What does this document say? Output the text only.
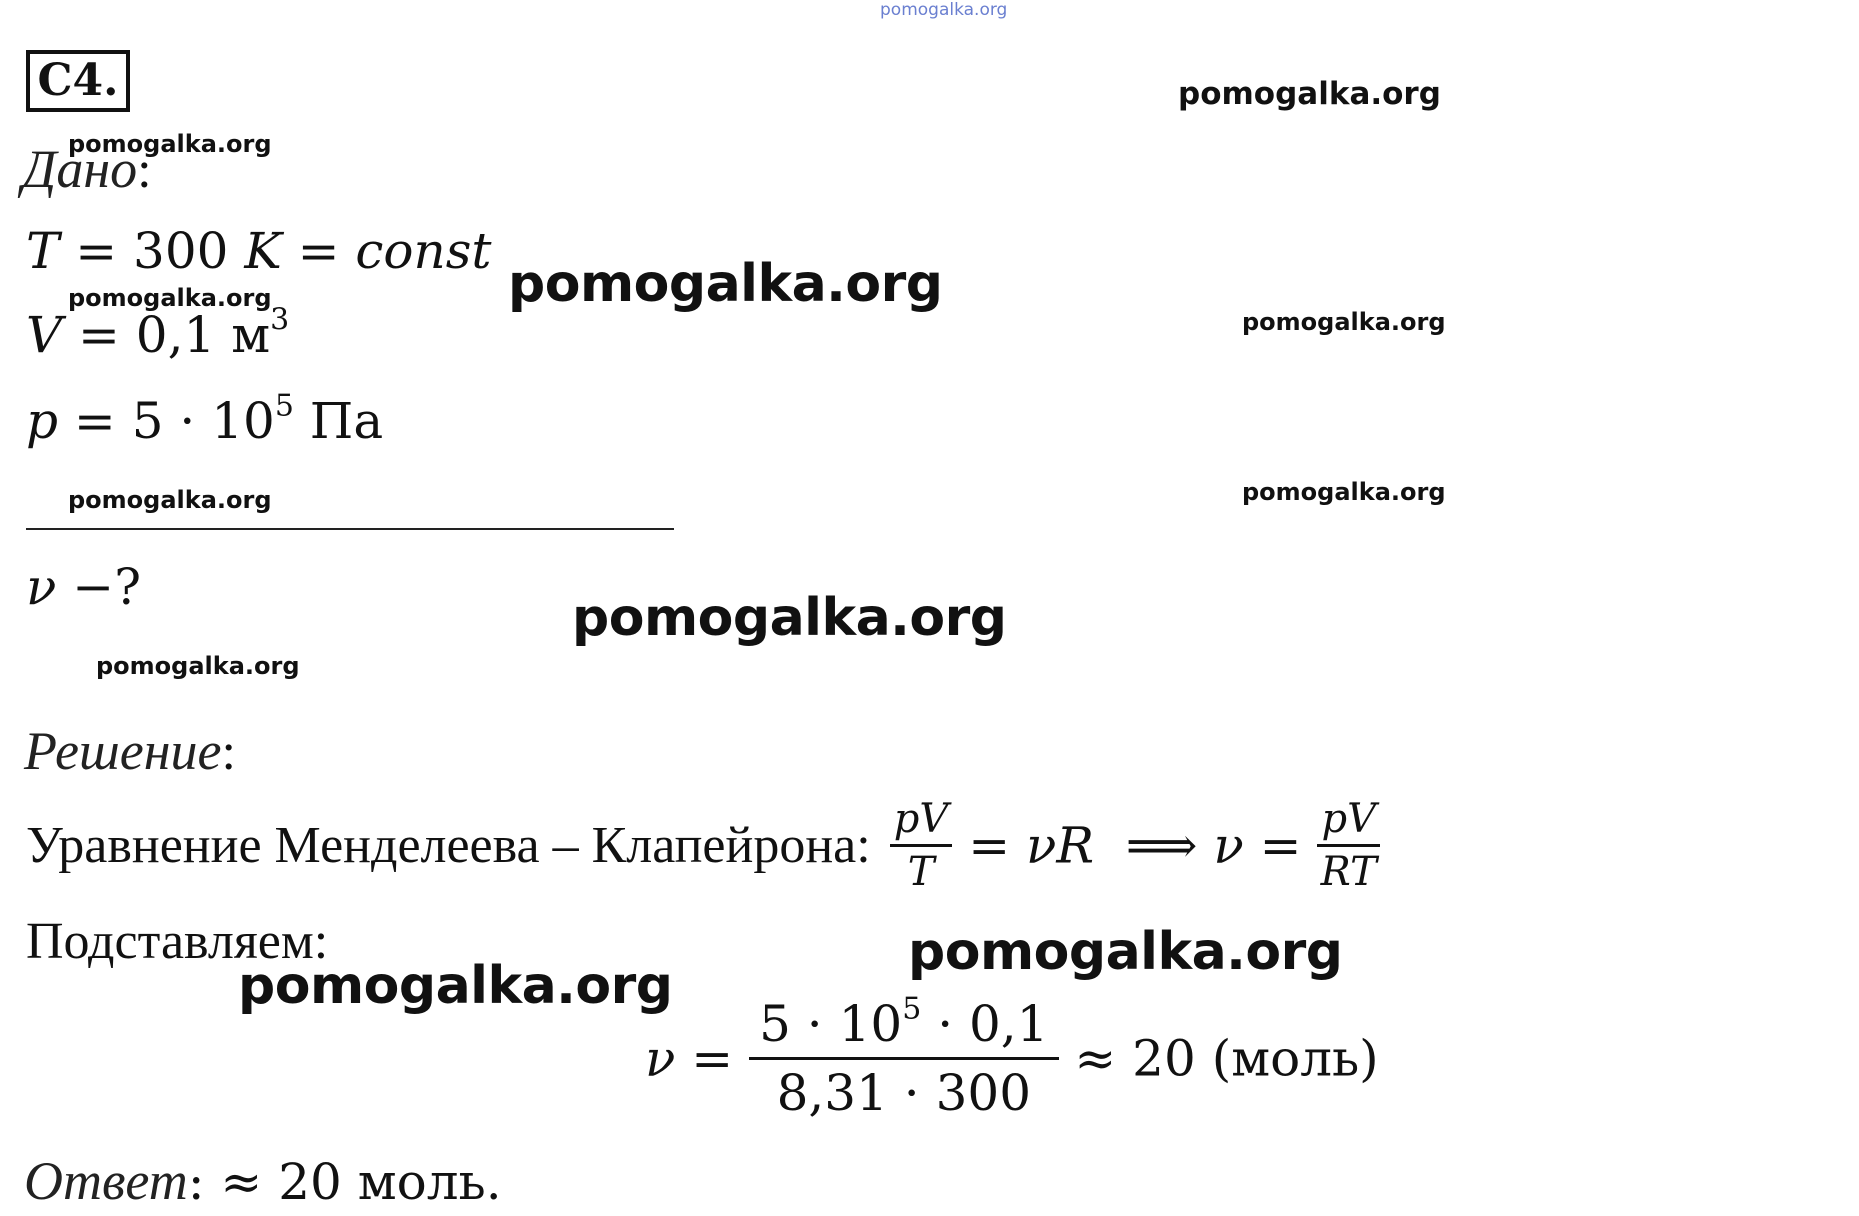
pomogalka.org
C4.
Дано:
T = 300 K = const
V = 0,1 $м^3$
$p = 5 \cdot 10^5$ Па
ν −?
Решение:
Уравнение Менделеева – Клапейрона: $\frac{pV}{T} = \nu R$  ⟹ $\nu = \frac{pV}{RT}$
Подставляем:
$\nu = \frac{5 \cdot 10^5 \cdot 0,1}{8,31 \cdot 300} \approx 20$ (моль)
Ответ: ≈ 20 моль.
pomogalka.org
pomogalka.org
pomogalka.org
pomogalka.org
pomogalka.org
pomogalka.org	pomogalka.org
pomogalka.org
pomogalka.org
pomogalka.org
pomogalka.org
